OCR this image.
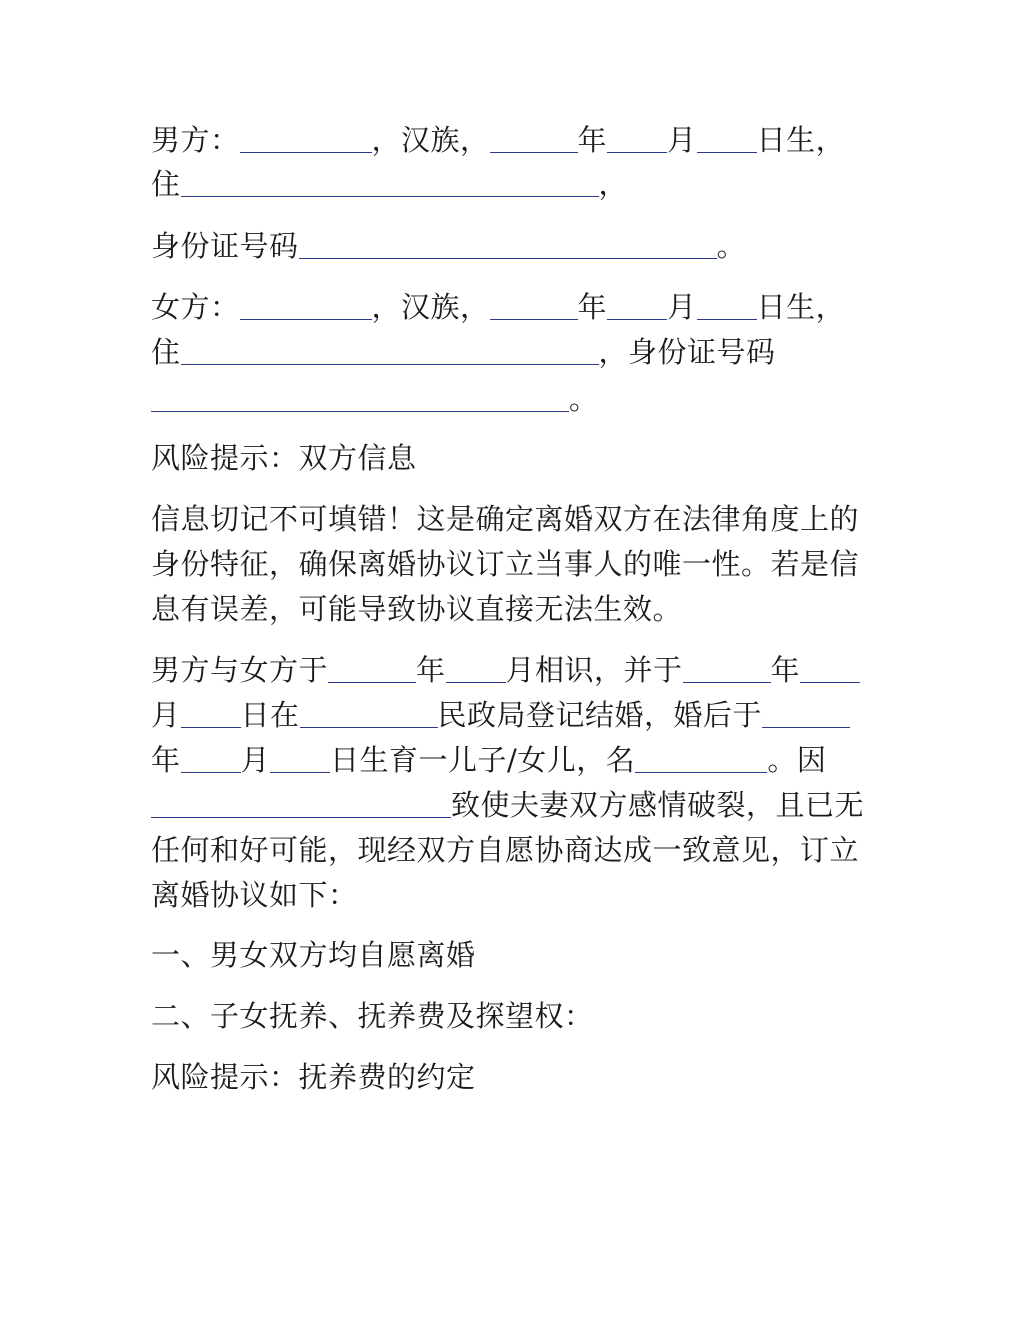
男方：	，汉族，	年 月 日生，
住	，
身份证号码	。
女方：	，汉族，	年 月 日生，
住	，身份证号码
。
风险提示：双方信息
信息切记不可填错！这是确定离婚双方在法律角度上的
身份特征，确保离婚协议订立当事人的唯一性。若是信
息有误差，可能导致协议直接无法生效。
男方与女方于	年 月相识，并于	年
月 日在	民政局登记结婚，婚后于
年 月 日生育一儿子/女儿，名	。因
致使夫妻双方感情破裂，且已无
任何和好可能，现经双方自愿协商达成一致意见，订立
离婚协议如下：
一、男女双方均自愿离婚
二、子女抚养、抚养费及探望权：
风险提示：抚养费的约定
